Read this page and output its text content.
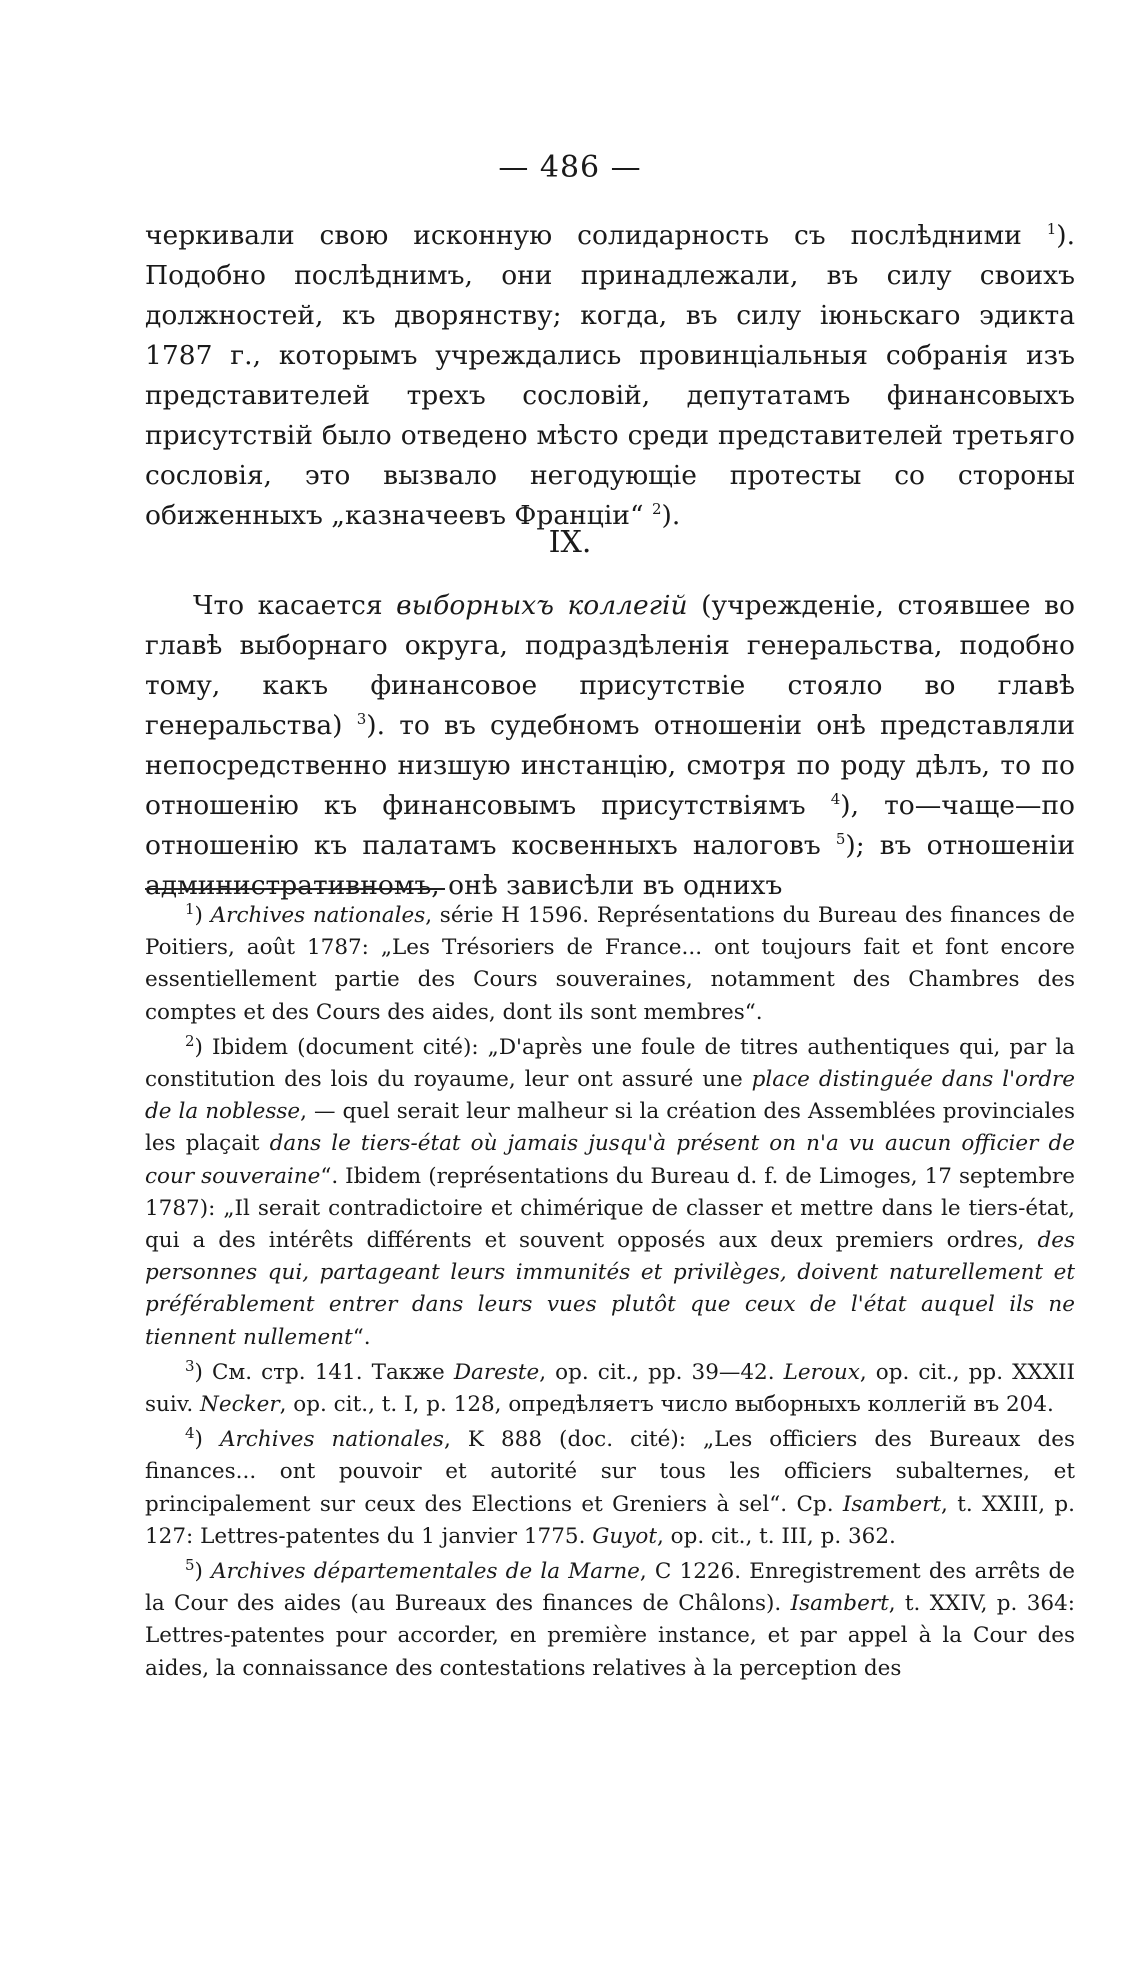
— 486 —

черкивали свою исконную солидарность съ послѣдними $^1$). Подобно послѣднимъ, они принадлежали, въ силу своихъ должностей, къ дворянству; когда, въ силу іюньскаго эдикта 1787 г., которымъ учреждались провинціальныя собранія изъ представителей трехъ сословій, депутатамъ финансовыхъ присутствій было отведено мѣсто среди представителей третьяго сословія, это вызвало негодующіе протесты со стороны обиженныхъ „казначеевъ Франціи“ $^2$).

IX.

Что касается выборныхъ коллегій (учрежденіе, стоявшее во главѣ выборнаго округа, подраздѣленія генеральства, подобно тому, какъ финансовое присутствіе стояло во главѣ генеральства) $^3$). то въ судебномъ отношеніи онѣ представляли непосредственно низшую инстанцію, смотря по роду дѣлъ, то по отношенію къ финансовымъ присутствіямъ $^4$), то—чаще—по отношенію къ палатамъ косвенныхъ налоговъ $^5$); въ отношеніи административномъ, онѣ зависѣли въ однихъ

$^1$) Archives nationales, série H 1596. Représentations du Bureau des finances de Poitiers, août 1787: „Les Trésoriers de France... ont toujours fait et font encore essentiellement partie des Cours souveraines, notamment des Chambres des comptes et des Cours des aides, dont ils sont membres“.

$^2$) Ibidem (document cité): „D'après une foule de titres authentiques qui, par la constitution des lois du royaume, leur ont assuré une place distinguée dans l'ordre de la noblesse, — quel serait leur malheur si la création des Assemblées provinciales les plaçait dans le tiers-état où jamais jusqu'à présent on n'a vu aucun officier de cour souveraine“. Ibidem (représentations du Bureau d. f. de Limoges, 17 septembre 1787): „Il serait contradictoire et chimérique de classer et mettre dans le tiers-état, qui a des intérêts différents et souvent opposés aux deux premiers ordres, des personnes qui, partageant leurs immunités et privilèges, doivent naturellement et préférablement entrer dans leurs vues plutôt que ceux de l'état auquel ils ne tiennent nullement“.

$^3$) См. стр. 141. Также Dareste, op. cit., pp. 39—42. Leroux, op. cit., pp. XXXII suiv. Necker, op. cit., t. I, p. 128, опредѣляетъ число выборныхъ коллегій въ 204.

$^4$) Archives nationales, K 888 (doc. cité): „Les officiers des Bureaux des finances... ont pouvoir et autorité sur tous les officiers subalternes, et principalement sur ceux des Elections et Greniers à sel“. Cp. Isambert, t. XXIII, p. 127: Lettres-patentes du 1 janvier 1775. Guyot, op. cit., t. III, p. 362.

$^5$) Archives départementales de la Marne, C 1226. Enregistrement des arrêts de la Cour des aides (au Bureaux des finances de Châlons). Isambert, t. XXIV, p. 364: Lettres-patentes pour accorder, en première instance, et par appel à la Cour des aides, la connaissance des contestations relatives à la perception des
